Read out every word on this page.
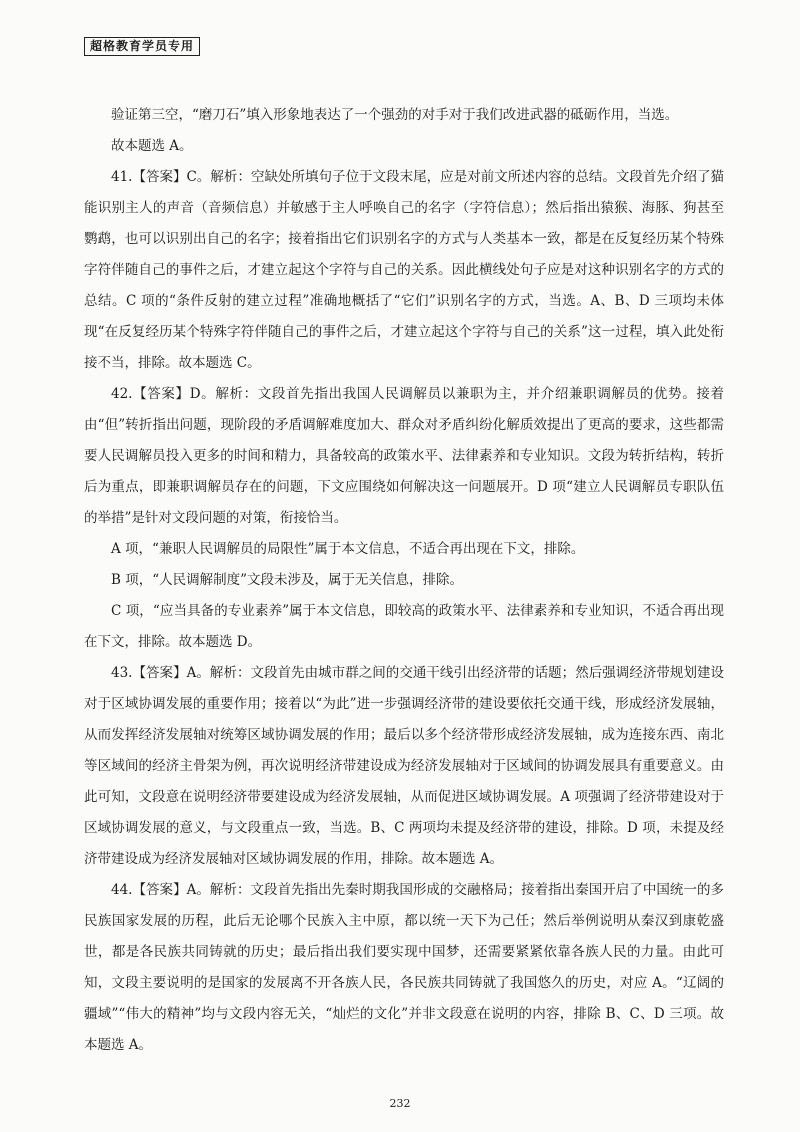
超格教育学员专用

验证第三空，“磨刀石”填入形象地表达了一个强劲的对手对于我们改进武器的砥砺作用，当选。

故本题选 A。

41.【答案】C。解析：空缺处所填句子位于文段末尾，应是对前文所述内容的总结。文段首先介绍了猫能识别主人的声音（音频信息）并敏感于主人呼唤自己的名字（字符信息）；然后指出猿猴、海豚、狗甚至鹦鹉，也可以识别出自己的名字；接着指出它们识别名字的方式与人类基本一致，都是在反复经历某个特殊字符伴随自己的事件之后，才建立起这个字符与自己的关系。因此横线处句子应是对这种识别名字的方式的总结。C 项的“条件反射的建立过程”准确地概括了“它们”识别名字的方式，当选。A、B、D 三项均未体现“在反复经历某个特殊字符伴随自己的事件之后，才建立起这个字符与自己的关系”这一过程，填入此处衔接不当，排除。故本题选 C。

42.【答案】D。解析：文段首先指出我国人民调解员以兼职为主，并介绍兼职调解员的优势。接着由“但”转折指出问题，现阶段的矛盾调解难度加大、群众对矛盾纠纷化解质效提出了更高的要求，这些都需要人民调解员投入更多的时间和精力，具备较高的政策水平、法律素养和专业知识。文段为转折结构，转折后为重点，即兼职调解员存在的问题，下文应围绕如何解决这一问题展开。D 项“建立人民调解员专职队伍的举措”是针对文段问题的对策，衔接恰当。

A 项，“兼职人民调解员的局限性”属于本文信息，不适合再出现在下文，排除。

B 项，“人民调解制度”文段未涉及，属于无关信息，排除。

C 项，“应当具备的专业素养”属于本文信息，即较高的政策水平、法律素养和专业知识，不适合再出现在下文，排除。故本题选 D。

43.【答案】A。解析：文段首先由城市群之间的交通干线引出经济带的话题；然后强调经济带规划建设对于区域协调发展的重要作用；接着以“为此”进一步强调经济带的建设要依托交通干线，形成经济发展轴，从而发挥经济发展轴对统筹区域协调发展的作用；最后以多个经济带形成经济发展轴，成为连接东西、南北等区域间的经济主骨架为例，再次说明经济带建设成为经济发展轴对于区域间的协调发展具有重要意义。由此可知，文段意在说明经济带要建设成为经济发展轴，从而促进区域协调发展。A 项强调了经济带建设对于区域协调发展的意义，与文段重点一致，当选。B、C 两项均未提及经济带的建设，排除。D 项，未提及经济带建设成为经济发展轴对区域协调发展的作用，排除。故本题选 A。

44.【答案】A。解析：文段首先指出先秦时期我国形成的交融格局；接着指出秦国开启了中国统一的多民族国家发展的历程，此后无论哪个民族入主中原，都以统一天下为己任；然后举例说明从秦汉到康乾盛世，都是各民族共同铸就的历史；最后指出我们要实现中国梦，还需要紧紧依靠各族人民的力量。由此可知，文段主要说明的是国家的发展离不开各族人民，各民族共同铸就了我国悠久的历史，对应 A。“辽阔的疆域”“伟大的精神”均与文段内容无关，“灿烂的文化”并非文段意在说明的内容，排除 B、C、D 三项。故本题选 A。

232
